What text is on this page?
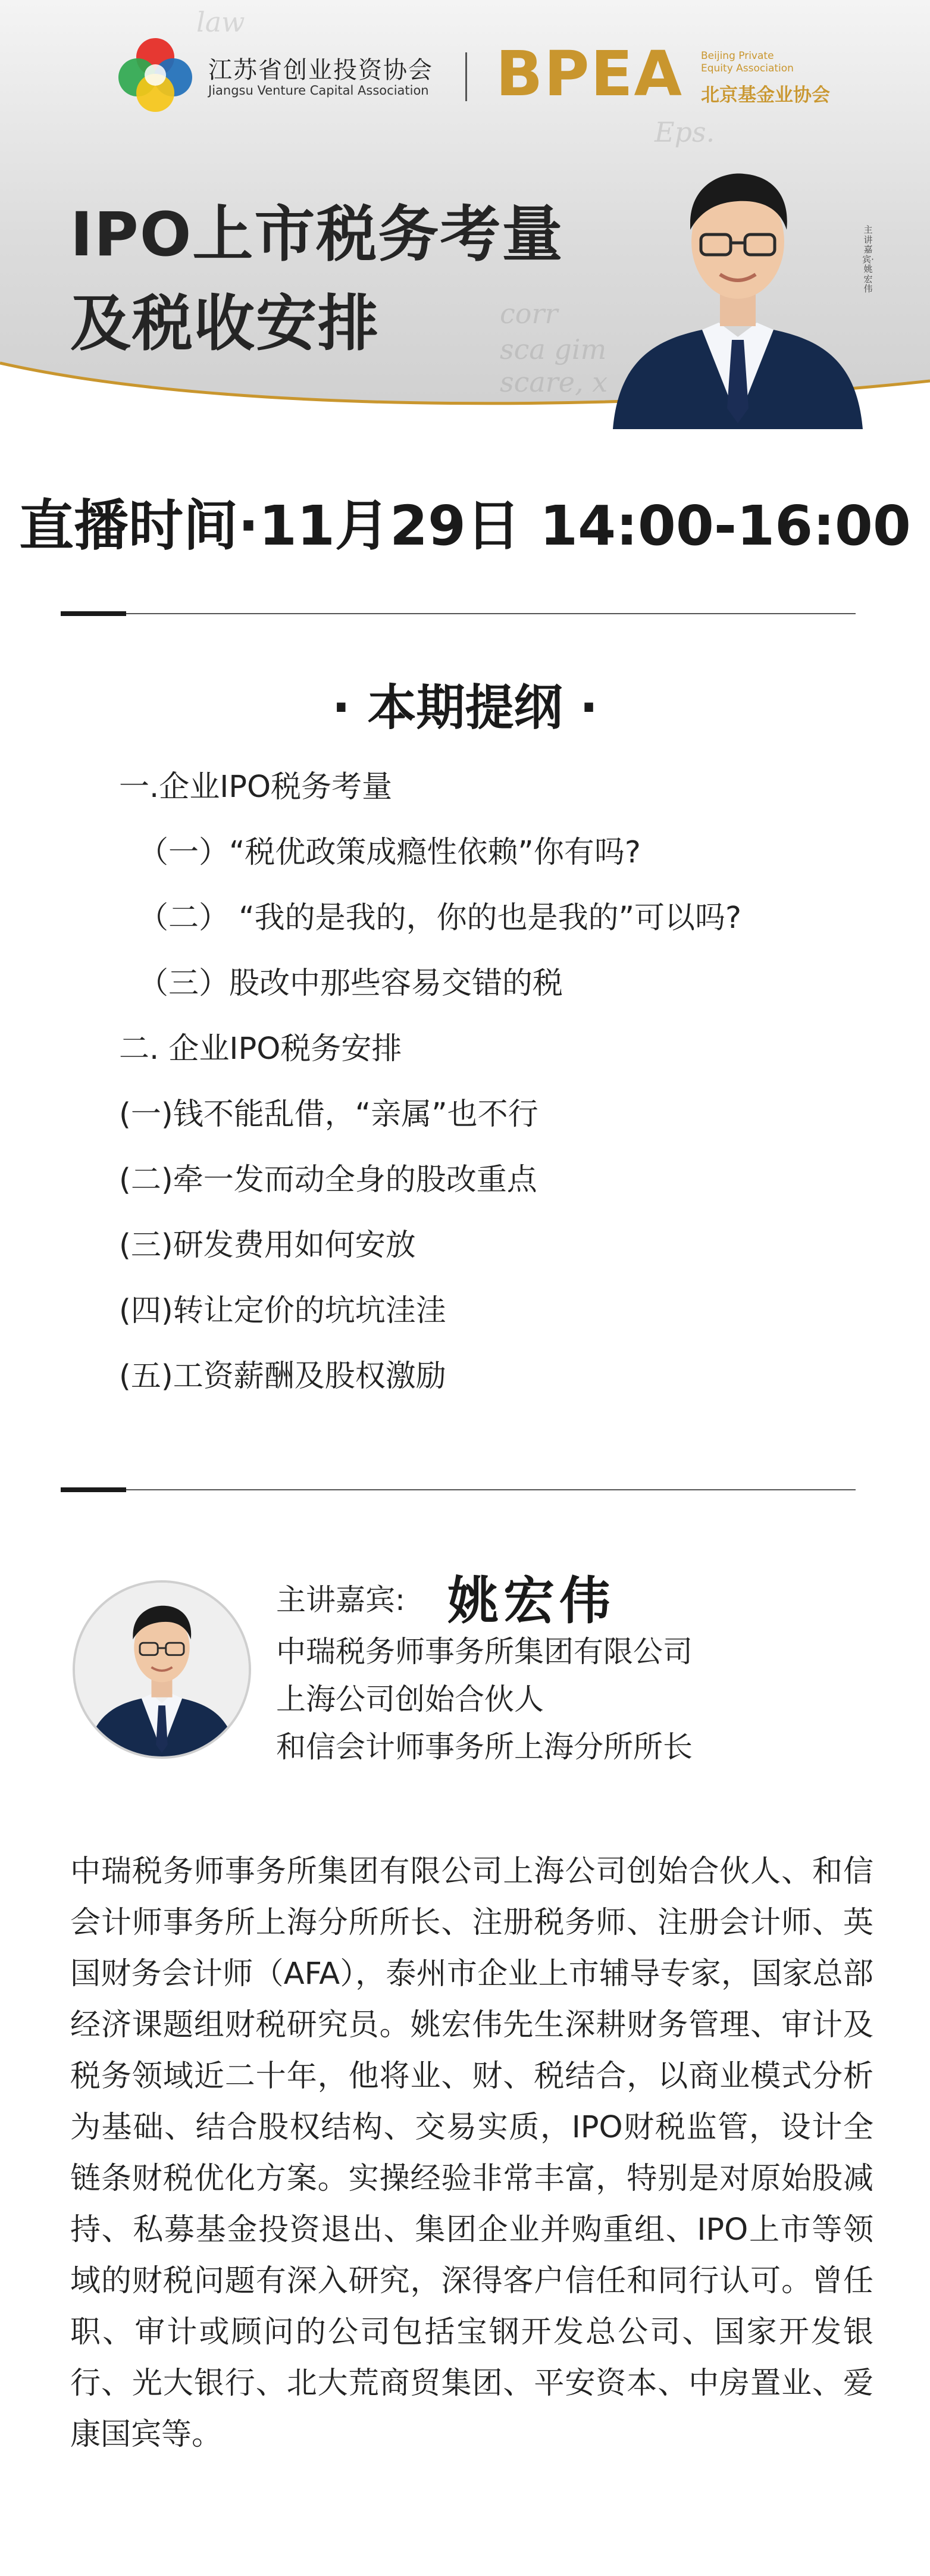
law
Eps.
corr
sca gim
scare, x
江苏省创业投资协会
Jiangsu Venture Capital Association BPEA Beijing Private Equity Association
北京基金业协会
IPO上市税务考量
及税收安排
主讲嘉宾·姚宏伟
直播时间·11月29日 14:00-16:00
· 本期提纲 ·
一.企业IPO税务考量
（一）“税优政策成瘾性依赖”你有吗?
（二） “我的是我的，你的也是我的”可以吗?
（三）股改中那些容易交错的税
二. 企业IPO税务安排
(一)钱不能乱借，“亲属”也不行
(二)牵一发而动全身的股改重点
(三)研发费用如何安放
(四)转让定价的坑坑洼洼
(五)工资薪酬及股权激励
主讲嘉宾: 姚宏伟
中瑞税务师事务所集团有限公司
上海公司创始合伙人
和信会计师事务所上海分所所长

中瑞税务师事务所集团有限公司上海公司创始合伙人、和信会计师事务所上海分所所长、注册税务师、注册会计师、英国财务会计师（AFA），泰州市企业上市辅导专家，国家总部经济课题组财税研究员。姚宏伟先生深耕财务管理、审计及税务领域近二十年，他将业、财、税结合，以商业模式分析为基础、结合股权结构、交易实质，IPO财税监管，设计全链条财税优化方案。实操经验非常丰富，特别是对原始股减持、私募基金投资退出、集团企业并购重组、IPO上市等领域的财税问题有深入研究，深得客户信任和同行认可。曾任职、审计或顾问的公司包括宝钢开发总公司、国家开发银行、光大银行、北大荒商贸集团、平安资本、中房置业、爱康国宾等。
